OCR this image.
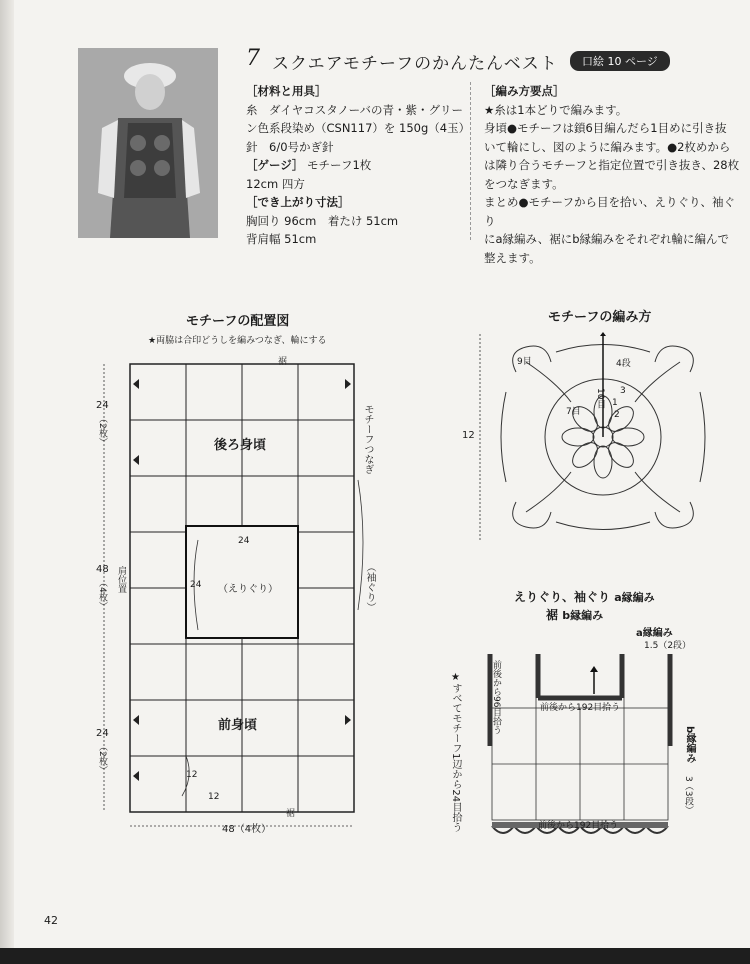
7 スクエアモチーフのかんたんベスト	口絵 10 ページ
［材料と用具］
糸　ダイヤコスタノーバの青・紫・グリー
ン色系段染め（CSN117）を 150g（4玉）
針　6/0号かぎ針
［ゲージ］ モチーフ1枚
12cm 四方
［でき上がり寸法］
胸回り 96cm　着たけ 51cm
背肩幅 51cm
［編み方要点］
★糸は1本どりで編みます。
身頃●モチーフは鎖6目編んだら1目めに引き抜
いて輪にし、図のように編みます。●2枚めから
は隣り合うモチーフと指定位置で引き抜き、28枚
をつなぎます。
まとめ●モチーフから目を拾い、えりぐり、袖ぐり
にa縁編み、裾にb縁編みをそれぞれ輪に編んで
整えます。
モチーフの配置図
★両脇は合印どうしを編みつなぎ、輪にする
裾
後ろ身頃
前身頃
（えりぐり）
24
24
モチーフつなぎ
（袖ぐり）
肩位置
24
（2枚）
48
（4枚）
24
（2枚）
48（4枚）
裾
12
12
モチーフの編み方
9目	4段
3
1
10目
7目	2
12
えりぐり、袖ぐり a縁編み
裾 b縁編み
a縁編み
1.5（2段）
b縁編み
3（3段）
前後から96目拾う	前後から192目拾う
前後から192目拾う
★すべてモチーフ1辺から24目拾う
42
